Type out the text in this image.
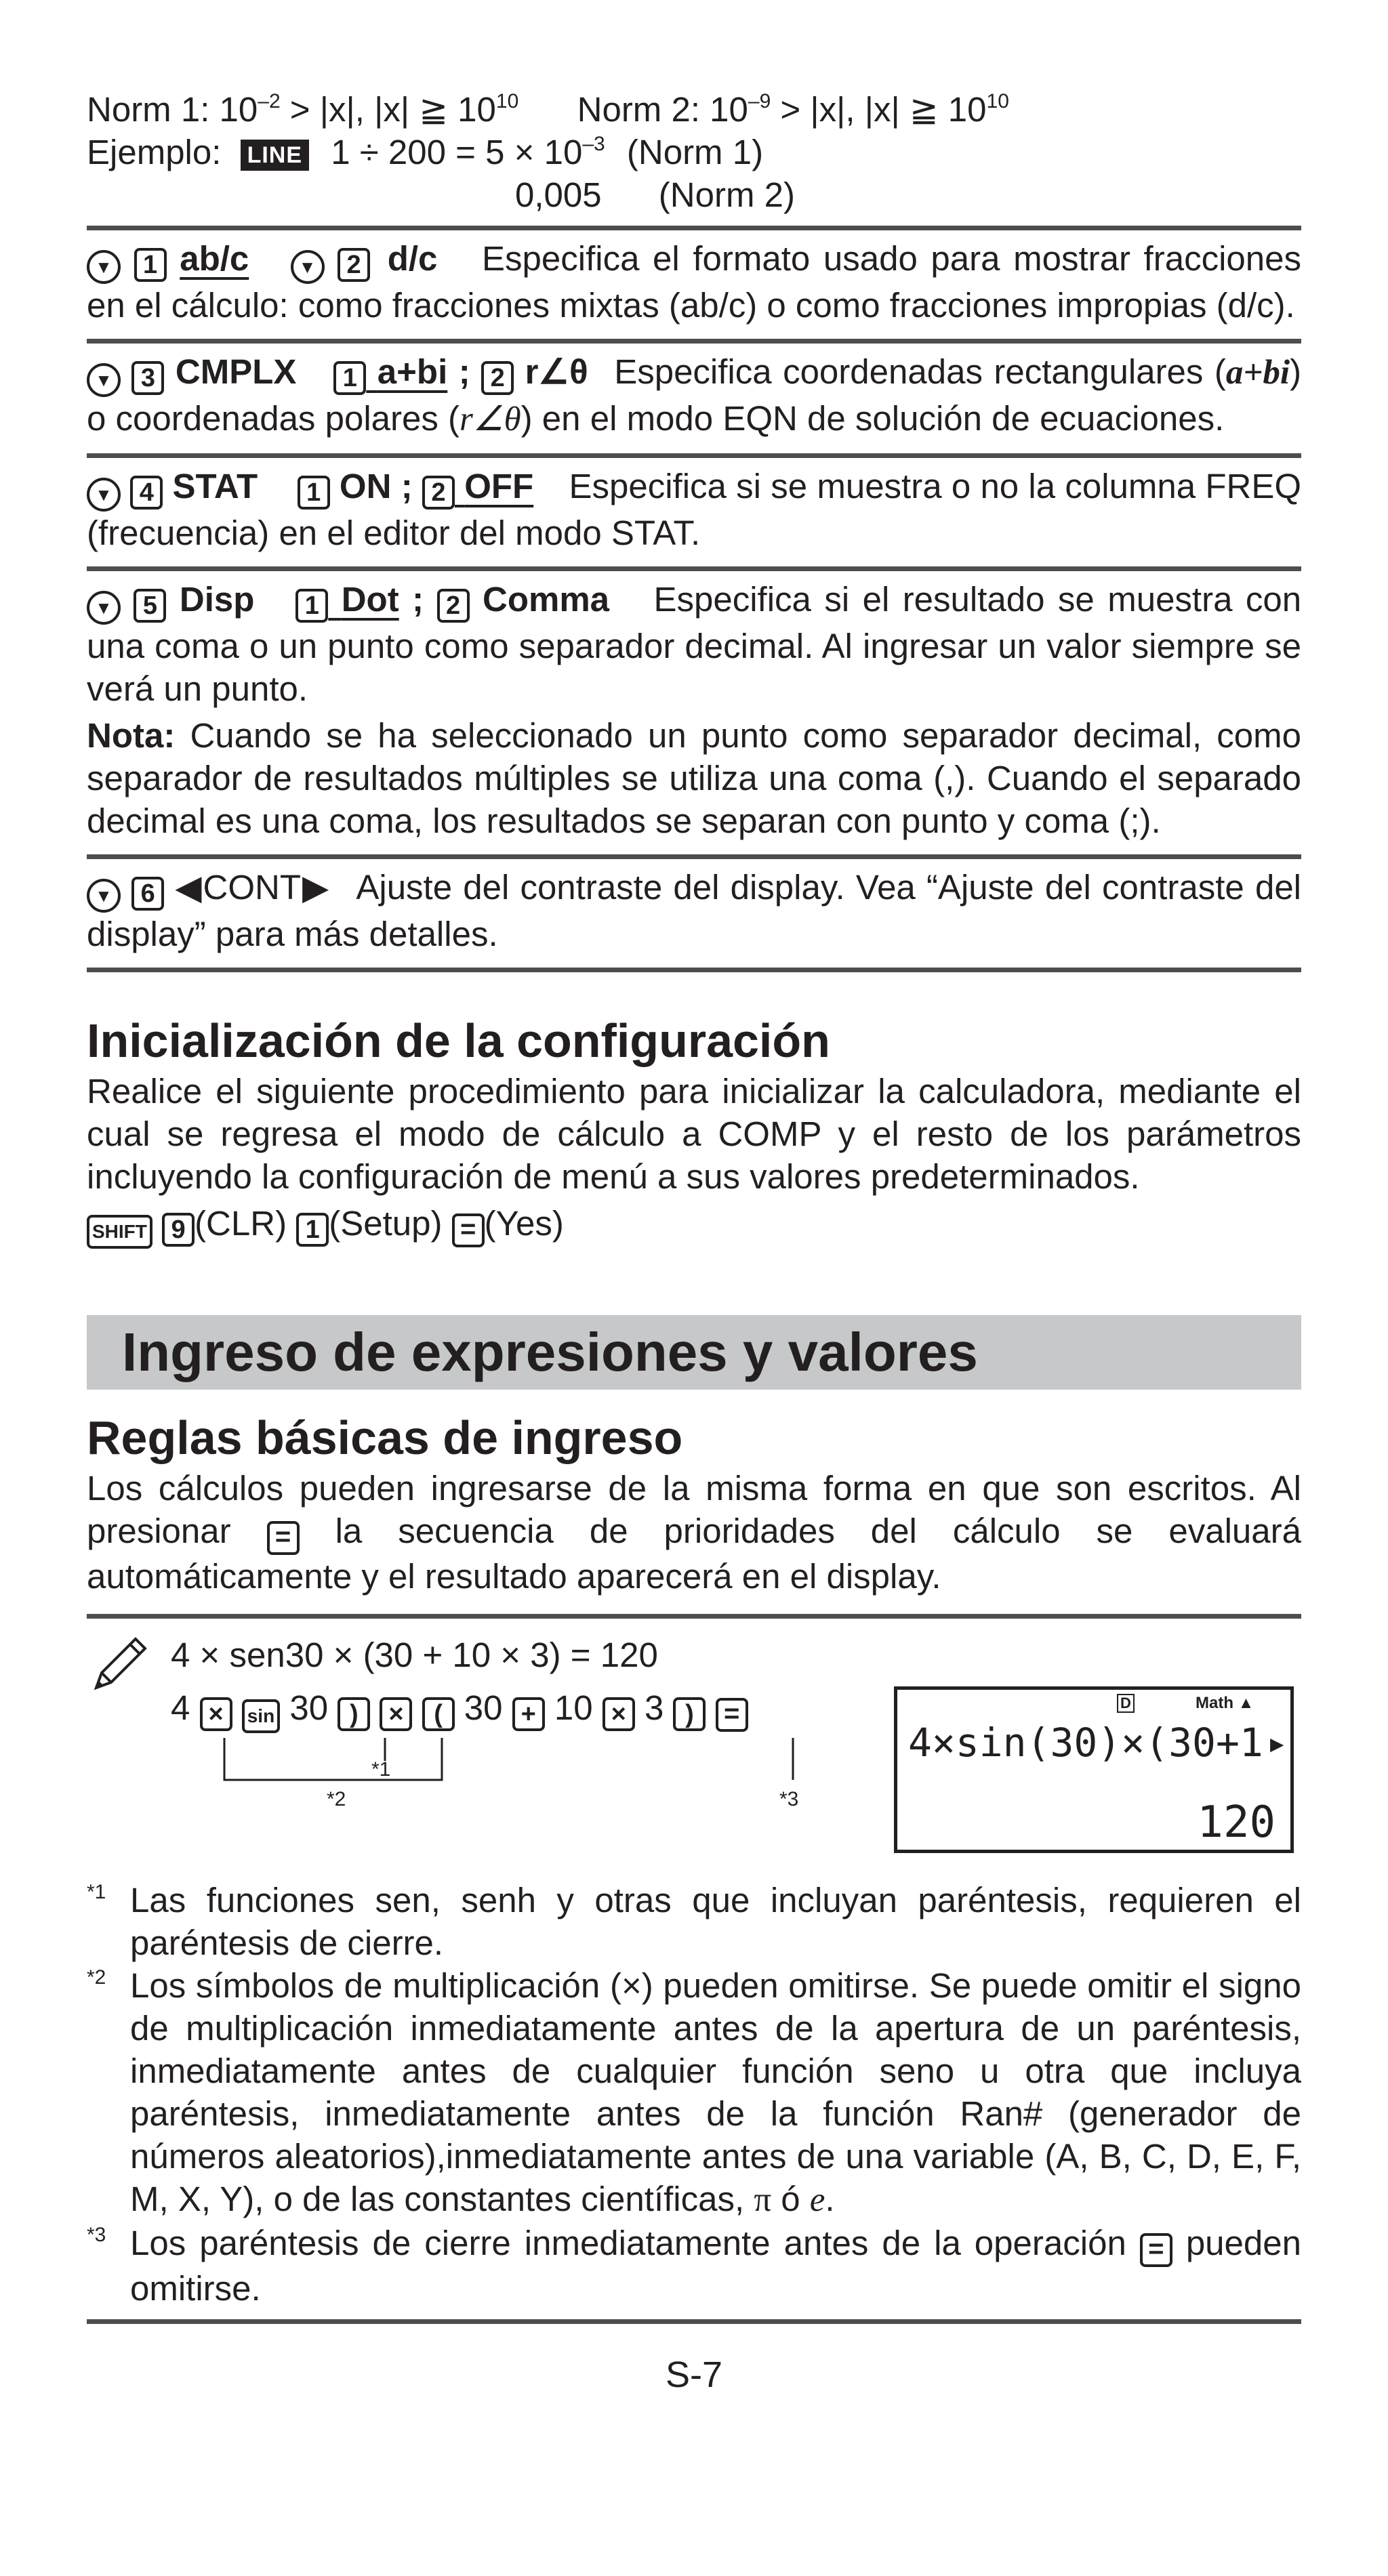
Norm 1: $10^{-2} > |x|$, |x| ≧ $10^{10}$ Norm 2: $10^{-9} > |x|$, |x| ≧ $10^{10}$

Ejemplo: LINE $1 \div 200 = 5 \times 10^{-3}$ (Norm 1)

0,005 (Norm 2)

▼ 1 ab/c	▼ 2 d/c Especifica el formato usado para mostrar fracciones en el cálculo: como fracciones mixtas (ab/c) o como fracciones impropias (d/c).
▼ 3 CMPLX 1 a+bi ; 2 r∠θ Especifica coordenadas rectangulares (a+bi) o coordenadas polares (r∠θ) en el modo EQN de solución de ecuaciones.
▼ 4 STAT 1 ON ; 2 OFF Especifica si se muestra o no la columna FREQ (frecuencia) en el editor del modo STAT.

▼ 5 Disp 1 Dot ; 2 Comma Especifica si el resultado se muestra con una coma o un punto como separador decimal. Al ingresar un valor siempre se verá un punto.

Nota: Cuando se ha seleccionado un punto como separador decimal, como separador de resultados múltiples se utiliza una coma (,). Cuando el separado decimal es una coma, los resultados se separan con punto y coma (;).

▼ 6 ◀CONT▶ Ajuste del contraste del display. Vea “Ajuste del contraste del display” para más detalles.
Inicialización de la configuración

Realice el siguiente procedimiento para inicializar la calculadora, mediante el cual se regresa el modo de cálculo a COMP y el resto de los parámetros incluyendo la configuración de menú a sus valores predeterminados.

SHIFT 9 (CLR) 1 (Setup) = (Yes)

Ingreso de expresiones y valores
Reglas básicas de ingreso

Los cálculos pueden ingresarse de la misma forma en que son escritos. Al presionar = la secuencia de prioridades del cálculo se evaluará automáticamente y el resultado aparecerá en el display.

4 × sen30 × (30 + 10 × 3) = 120

4 × sin 30 ) × ( 30 + 10 × 3 ) =
*1
*2	*3
D	Math ▲
4×sin(30)×(30+1 ▶
120
*1 Las funciones sen, senh y otras que incluyan paréntesis, requieren el paréntesis de cierre.
*2 Los símbolos de multiplicación (×) pueden omitirse. Se puede omitir el signo de multiplicación inmediatamente antes de la apertura de un paréntesis, inmediatamente antes de cualquier función seno u otra que incluya paréntesis, inmediatamente antes de la función Ran# (generador de números aleatorios),inmediatamente antes de una variable (A, B, C, D, E, F, M, X, Y), o de las constantes científicas, π ó e.
*3 Los paréntesis de cierre inmediatamente antes de la operación = pueden omitirse.

S-7
